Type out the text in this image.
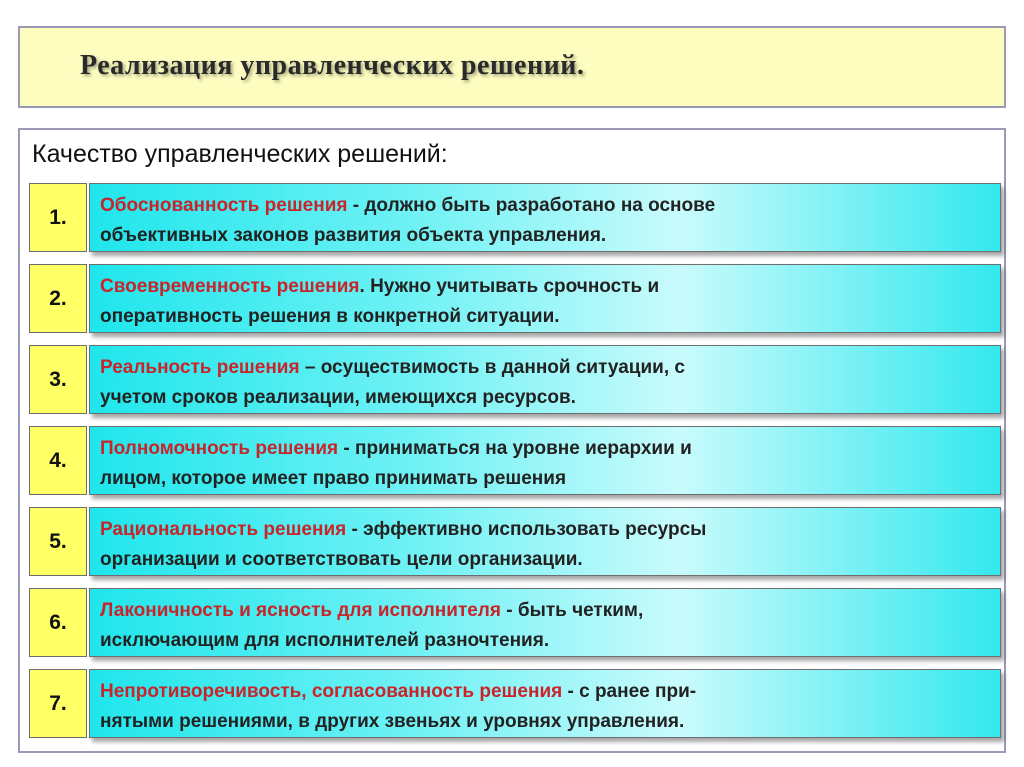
Реализация управленческих решений.
Качество управленческих решений:
1.	Обоснованность решения - должно быть разработано на основе
объективных законов развития объекта управления.
2.	Своевременность решения. Нужно учитывать срочность и
оперативность решения в конкретной ситуации.
3.	Реальность решения – осуществимость в данной ситуации, с
учетом сроков реализации, имеющихся ресурсов.
4.	Полномочность решения - приниматься на уровне иерархии и
лицом, которое имеет право принимать решения
5.	Рациональность решения - эффективно использовать ресурсы
организации и соответствовать цели организации.
6.	Лаконичность и ясность для исполнителя - быть четким,
исключающим для исполнителей разночтения.
7.	Непротиворечивость, согласованность решения - с ранее при-
нятыми решениями, в других звеньях и уровнях управления.
